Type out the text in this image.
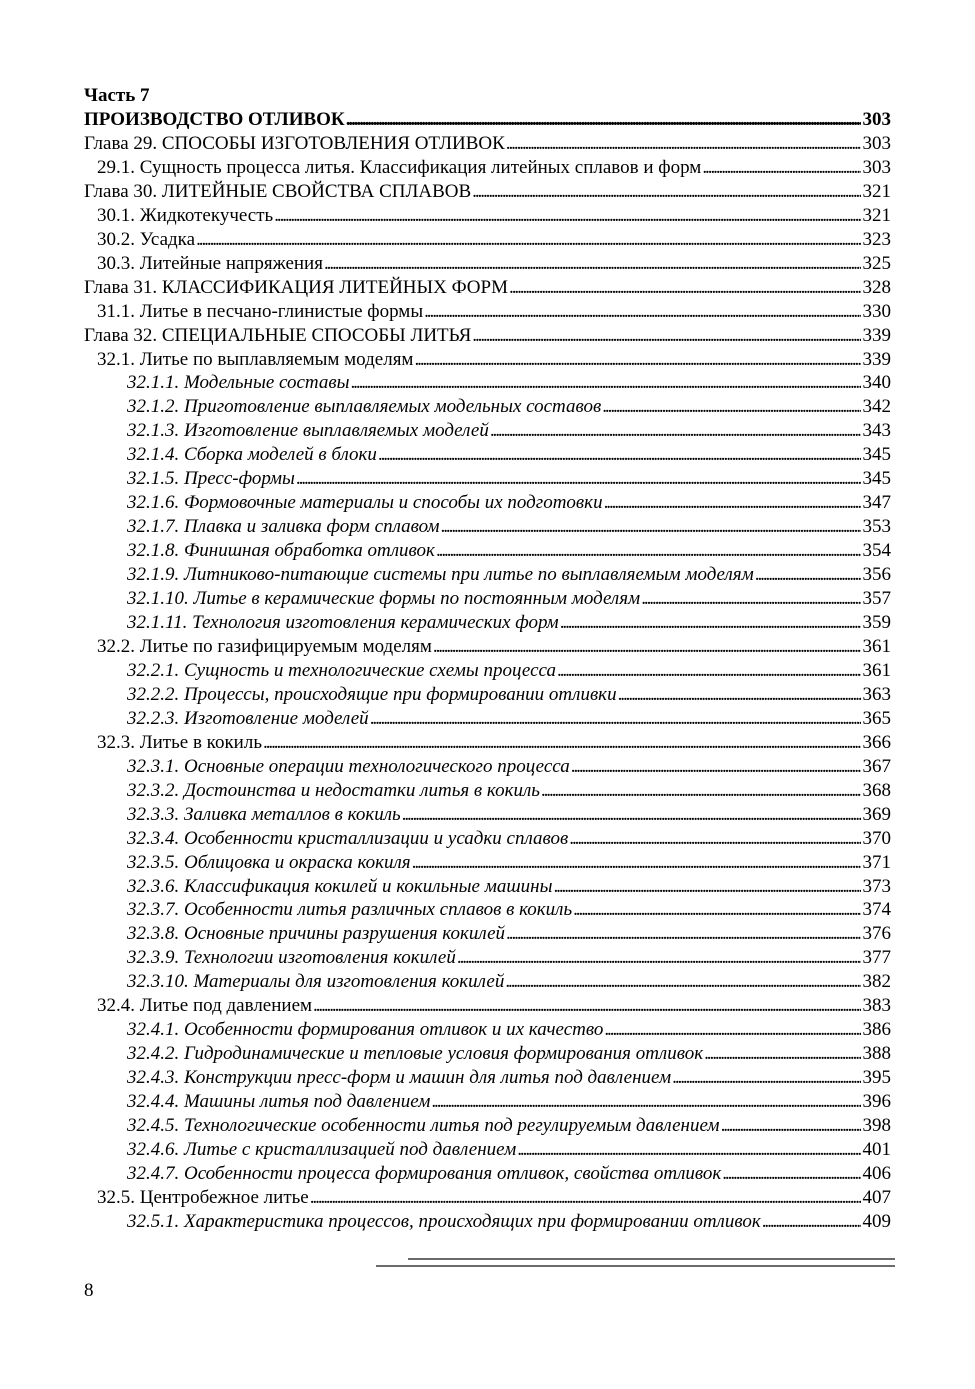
Часть 7
ПРОИЗВОДСТВО ОТЛИВОК . . .	303
Глава 29. СПОСОБЫ ИЗГОТОВЛЕНИЯ ОТЛИВОК . . .	303
29.1. Сущность процесса литья. Классификация литейных сплавов и форм . . .	303
Глава 30. ЛИТЕЙНЫЕ СВОЙСТВА СПЛАВОВ . . .	321
30.1. Жидкотекучесть . . .	321
30.2. Усадка . . .	323
30.3. Литейные напряжения . . .	325
Глава 31. КЛАССИФИКАЦИЯ ЛИТЕЙНЫХ ФОРМ . . .	328
31.1. Литье в песчано-глинистые формы . . .	330
Глава 32. СПЕЦИАЛЬНЫЕ СПОСОБЫ ЛИТЬЯ . . .	339
32.1. Литье по выплавляемым моделям . . .	339
32.1.1. Модельные составы . . .	340
32.1.2. Приготовление выплавляемых модельных составов . . .	342
32.1.3. Изготовление выплавляемых моделей . . .	343
32.1.4. Сборка моделей в блоки . . .	345
32.1.5. Пресс-формы . . .	345
32.1.6. Формовочные материалы и способы их подготовки . . .	347
32.1.7. Плавка и заливка форм сплавом . . .	353
32.1.8. Финишная обработка отливок . . .	354
32.1.9. Литниково-питающие системы при литье по выплавляемым моделям . . .	356
32.1.10. Литье в керамические формы по постоянным моделям . . .	357
32.1.11. Технология изготовления керамических форм . . .	359
32.2. Литье по газифицируемым моделям . . .	361
32.2.1. Сущность и технологические схемы процесса . . .	361
32.2.2. Процессы, происходящие при формировании отливки . . .	363
32.2.3. Изготовление моделей . . .	365
32.3. Литье в кокиль . . .	366
32.3.1. Основные операции технологического процесса . . .	367
32.3.2. Достоинства и недостатки литья в кокиль . . .	368
32.3.3. Заливка металлов в кокиль . . .	369
32.3.4. Особенности кристаллизации и усадки сплавов . . .	370
32.3.5. Облицовка и окраска кокиля . . .	371
32.3.6. Классификация кокилей и кокильные машины . . .	373
32.3.7. Особенности литья различных сплавов в кокиль . . .	374
32.3.8. Основные причины разрушения кокилей . . .	376
32.3.9. Технологии изготовления кокилей . . .	377
32.3.10. Материалы для изготовления кокилей . . .	382
32.4. Литье под давлением . . .	383
32.4.1. Особенности формирования отливок и их качество . . .	386
32.4.2. Гидродинамические и тепловые условия формирования отливок . . .	388
32.4.3. Конструкции пресс-форм и машин для литья под давлением . . .	395
32.4.4. Машины литья под давлением . . .	396
32.4.5. Технологические особенности литья под регулируемым давлением . . .	398
32.4.6. Литье с кристаллизацией под давлением . . .	401
32.4.7. Особенности процесса формирования отливок, свойства отливок . . .	406
32.5. Центробежное литье . . .	407
32.5.1. Характеристика процессов, происходящих при формировании отливок . . .	409
8
